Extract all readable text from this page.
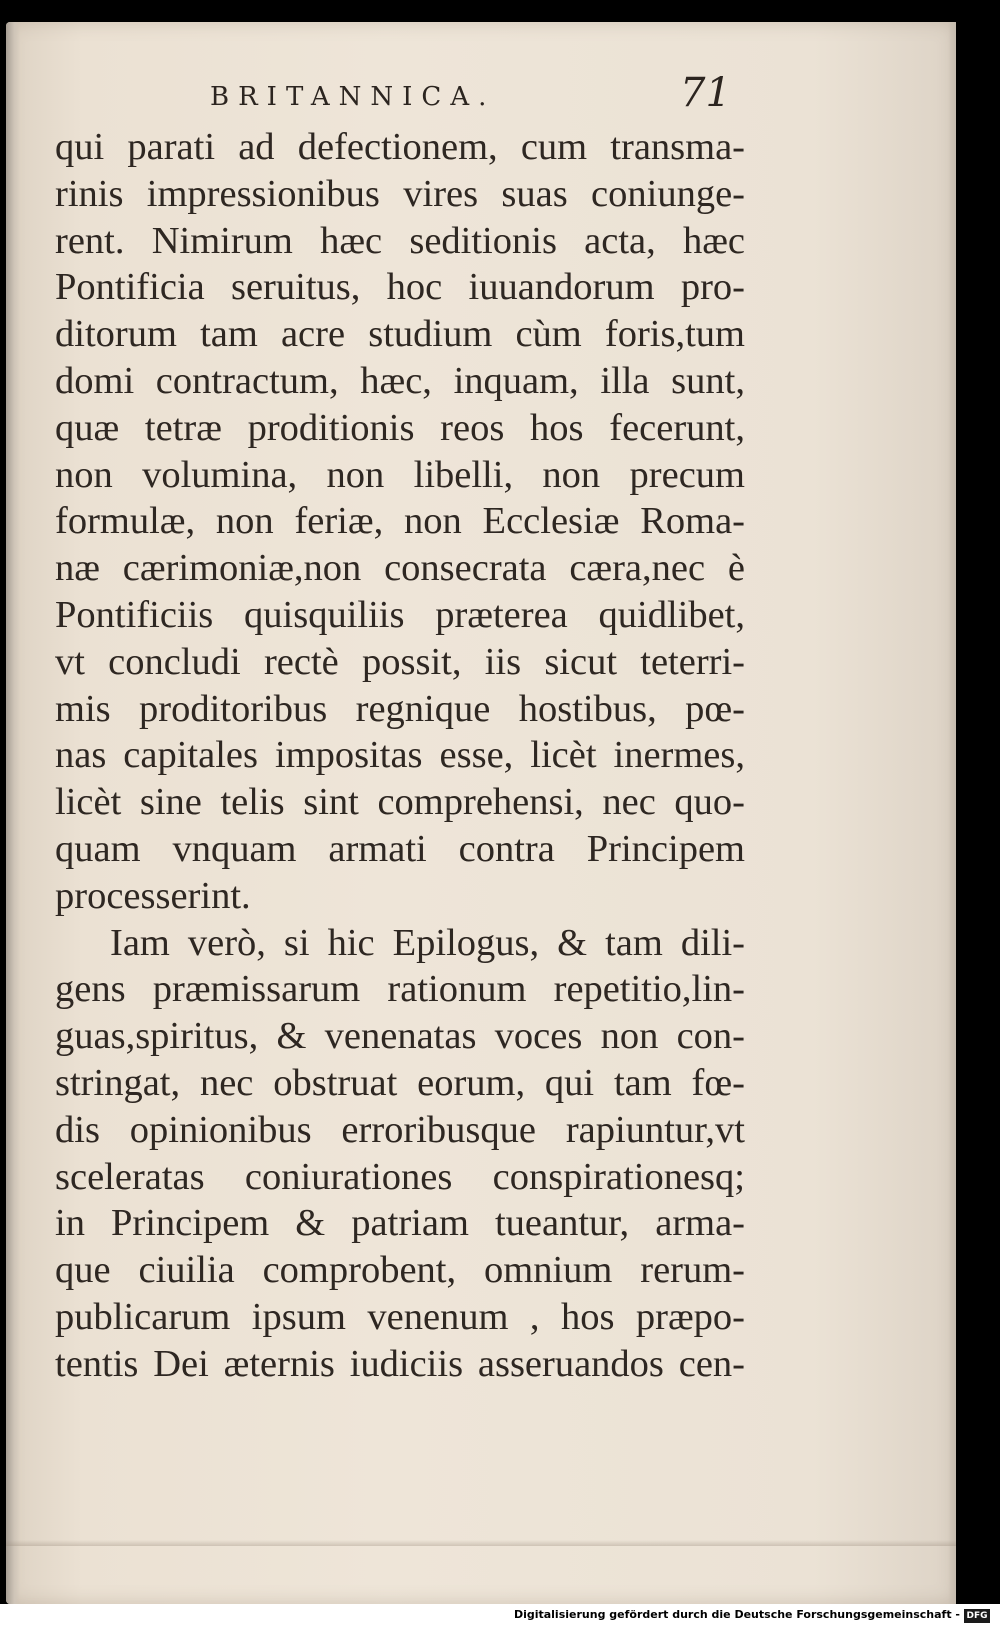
BRITANNICA.	71
qui parati ad defectionem, cum transma-
rinis impressionibus vires suas coniunge-
rent. Nimirum hæc seditionis acta, hæc
Pontificia seruitus, hoc iuuandorum pro-
ditorum tam acre studium cùm foris,tum
domi contractum, hæc, inquam, illa sunt,
quæ tetræ proditionis reos hos fecerunt,
non volumina, non libelli, non precum
formulæ, non feriæ, non Ecclesiæ Roma-
næ cærimoniæ,non consecrata cæra,nec è
Pontificiis quisquiliis præterea quidlibet,
vt concludi rectè possit, iis sicut teterri-
mis proditoribus regnique hostibus, pœ-
nas capitales impositas esse, licèt inermes,
licèt sine telis sint comprehensi, nec quo-
quam vnquam armati contra Principem
processerint.
Iam verò, si hic Epilogus, & tam dili-
gens præmissarum rationum repetitio,lin-
guas,spiritus, & venenatas voces non con-
stringat, nec obstruat eorum, qui tam fœ-
dis opinionibus erroribusque rapiuntur,vt
sceleratas coniurationes conspirationesq;
in Principem & patriam tueantur, arma-
que ciuilia comprobent, omnium rerum-
publicarum ipsum venenum , hos præpo-
tentis Dei æternis iudiciis asseruandos cen-
Digitalisierung gefördert durch die Deutsche Forschungsgemeinschaft - DFG
